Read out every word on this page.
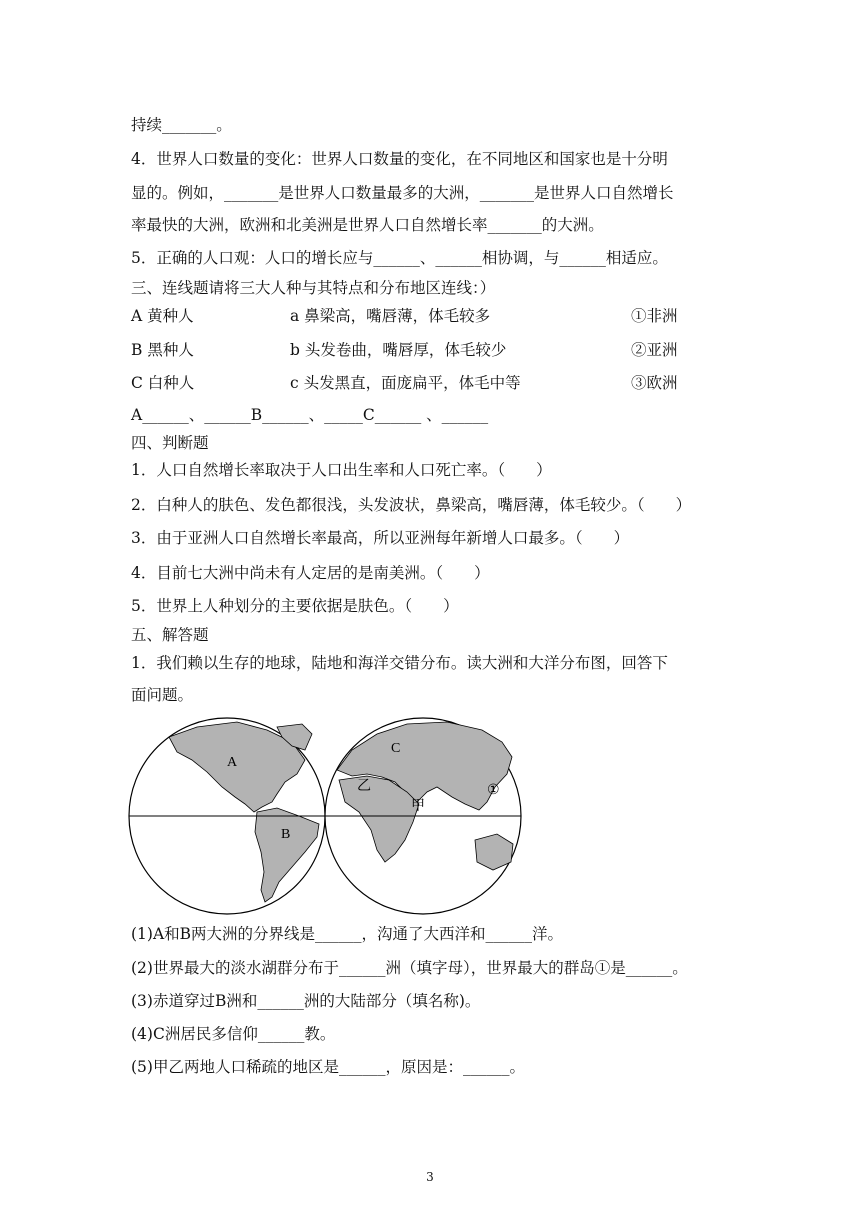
持续_______。
4．世界人口数量的变化：世界人口数量的变化，在不同地区和国家也是十分明
显的。例如，_______是世界人口数量最多的大洲，_______是世界人口自然增长
率最快的大洲，欧洲和北美洲是世界人口自然增长率_______的大洲。
5．正确的人口观：人口的增长应与______、______相协调，与______相适应。
三、连线题请将三大人种与其特点和分布地区连线：）
A 黄种人	a 鼻梁高，嘴唇薄，体毛较多	①非洲
B 黑种人	b 头发卷曲，嘴唇厚，体毛较少	②亚洲
C 白种人	c 头发黑直，面庞扁平，体毛中等	③欧洲
A______、______B______、_____C______ 、______
四、判断题
1．人口自然增长率取决于人口出生率和人口死亡率。（　　）
2．白种人的肤色、发色都很浅，头发波状，鼻梁高，嘴唇薄，体毛较少。（　　）
3．由于亚洲人口自然增长率最高，所以亚洲每年新增人口最多。（　　）
4．目前七大洲中尚未有人定居的是南美洲。（　　）
5．世界上人种划分的主要依据是肤色。（　　）
五、解答题
1．我们赖以生存的地球，陆地和海洋交错分布。读大洲和大洋分布图，回答下
面问题。
A
B
C
乙
甲
①
(1)A和B两大洲的分界线是______，沟通了大西洋和______洋。
(2)世界最大的淡水湖群分布于______洲（填字母），世界最大的群岛①是______。
(3)赤道穿过B洲和______洲的大陆部分（填名称)。
(4)C洲居民多信仰______教。
(5)甲乙两地人口稀疏的地区是______，原因是：______。
3
